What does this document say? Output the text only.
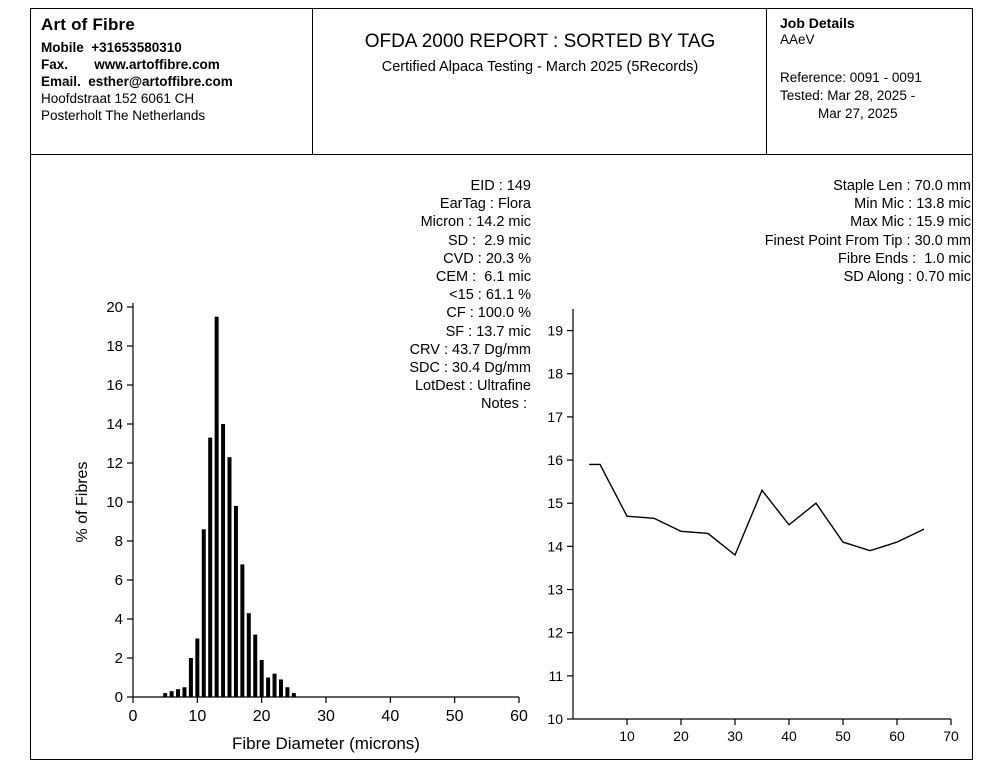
Art of Fibre
Mobile +31653580310
Fax. www.artoffibre.com
Email. esther@artoffibre.com
Hoofdstraat 152 6061 CH
Posterholt The Netherlands
OFDA 2000 REPORT : SORTED BY TAG
Certified Alpaca Testing - March 2025 (5Records)
Job Details
AAeV
Reference: 0091 - 0091
Tested: Mar 28, 2025 -
Mar 27, 2025
EID :
149
EarTag :
Flora
Micron :
14.2 mic
SD :
2.9 mic
CVD :
20.3 %
CEM :
6.1 mic
<15 :
61.1 %
CF :
100.0 %
SF :
13.7 mic
CRV :
43.7 Dg/mm
SDC :
30.4 Dg/mm
LotDest :
Ultrafine
Notes :

Staple Len :
70.0 mm
Min Mic :
13.8 mic
Max Mic :
15.9 mic
Finest Point From Tip :
30.0 mm
Fibre Ends :
1.0 mic
SD Along :
0.70 mic
0
2
4
6
8
10
12
14
16
18
20
0	10	20	30	40	50	60
Fibre Diameter (microns)
% of Fibres
10
11
12
13
14
15
16
17
18
19
10	20	30	40	50	60	70
